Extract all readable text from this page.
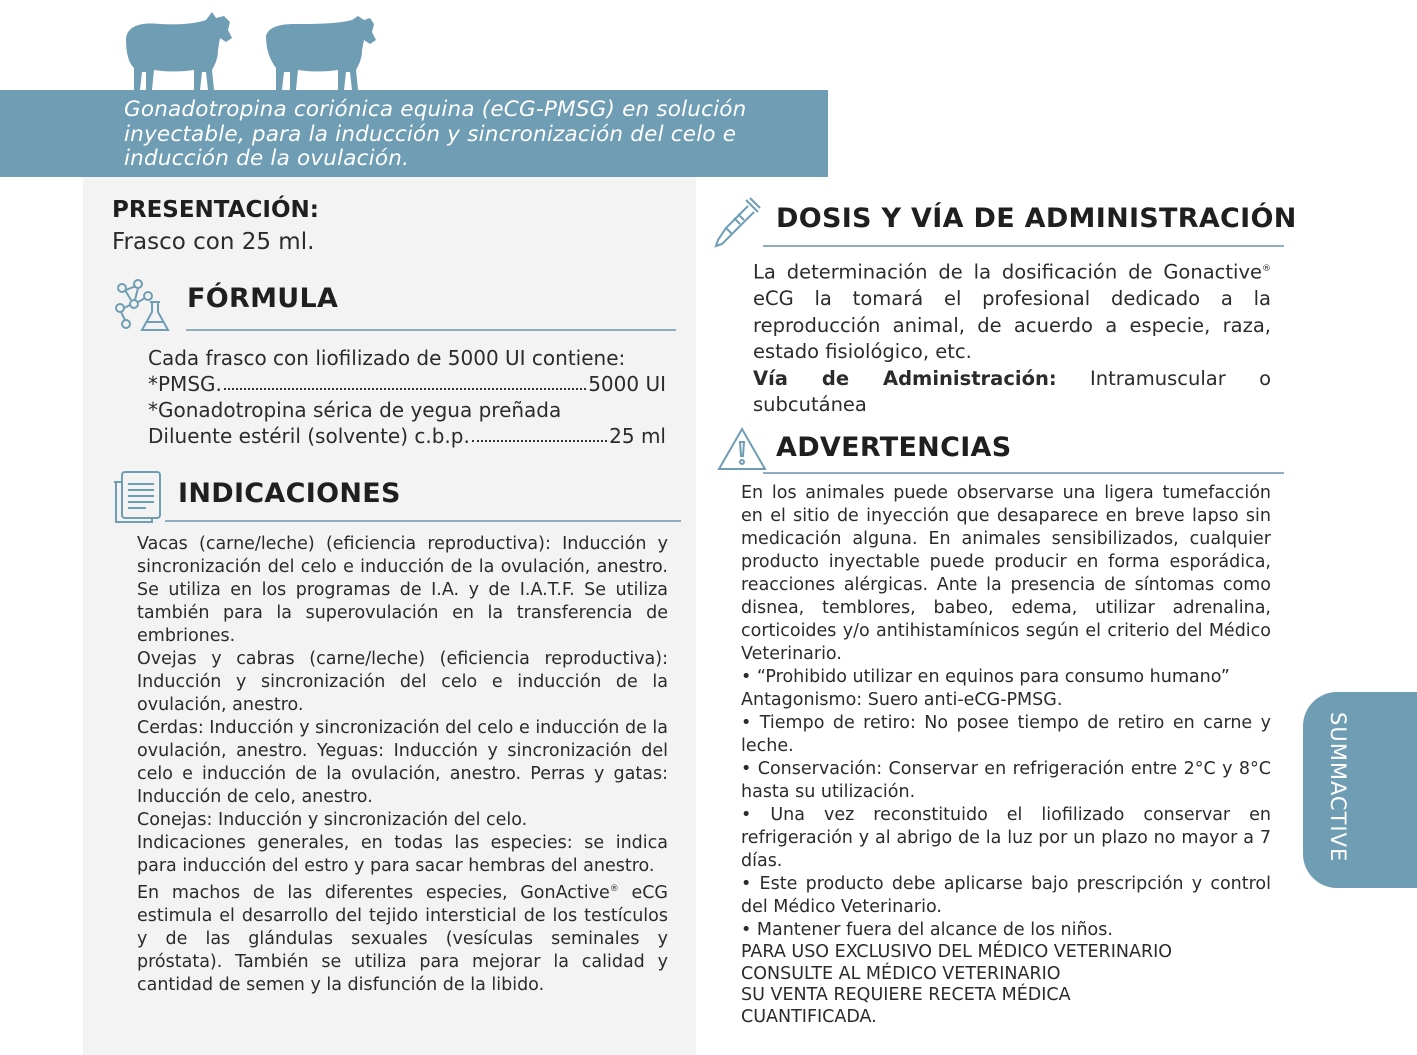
Gonadotropina coriónica equina (eCG-PMSG) en solución inyectable, para la inducción y sincronización del celo e inducción de la ovulación.
PRESENTACIÓN:
Frasco con 25 ml.
FÓRMULA
Cada frasco con liofilizado de 5000 UI contiene:
*PMSG.	5000 UI
*Gonadotropina sérica de yegua preñada
Diluente estéril (solvente) c.b.p.	25 ml
INDICACIONES

Vacas (carne/leche) (eficiencia reproductiva): Inducción y sincronización del celo e inducción de la ovulación, anestro. Se utiliza en los programas de I.A. y de I.A.T.F. Se utiliza también para la superovulación en la transferencia de embriones.

Ovejas y cabras (carne/leche) (eficiencia reproductiva): Inducción y sincronización del celo e inducción de la ovulación, anestro.

Cerdas: Inducción y sincronización del celo e inducción de la ovulación, anestro. Yeguas: Inducción y sincronización del celo e inducción de la ovulación, anestro. Perras y gatas: Inducción de celo, anestro.

Conejas: Inducción y sincronización del celo.

Indicaciones generales, en todas las especies: se indica para inducción del estro y para sacar hembras del anestro.

En machos de las diferentes especies, GonActive® eCG estimula el desarrollo del tejido intersticial de los testículos y de las glándulas sexuales (vesículas seminales y próstata). También se utiliza para mejorar la calidad y cantidad de semen y la disfunción de la libido.

DOSIS Y VÍA DE ADMINISTRACIÓN

La determinación de la dosificación de Gonactive® eCG la tomará el profesional dedicado a la reproducción animal, de acuerdo a especie, raza, estado fisiológico, etc.

Vía de Administración: Intramuscular o subcutánea

ADVERTENCIAS

En los animales puede observarse una ligera tumefacción en el sitio de inyección que desaparece en breve lapso sin medicación alguna. En animales sensibilizados, cualquier producto inyectable puede producir en forma esporádica, reacciones alérgicas. Ante la presencia de síntomas como disnea, temblores, babeo, edema, utilizar adrenalina, corticoides y/o antihistamínicos según el criterio del Médico Veterinario.

• “Prohibido utilizar en equinos para consumo humano”

Antagonismo: Suero anti-eCG-PMSG.

• Tiempo de retiro: No posee tiempo de retiro en carne y leche.

• Conservación: Conservar en refrigeración entre 2°C y 8°C hasta su utilización.

• Una vez reconstituido el liofilizado conservar en refrigeración y al abrigo de la luz por un plazo no mayor a 7 días.

• Este producto debe aplicarse bajo prescripción y control del Médico Veterinario.

• Mantener fuera del alcance de los niños.

PARA USO EXCLUSIVO DEL MÉDICO VETERINARIO

CONSULTE AL MÉDICO VETERINARIO

SU VENTA REQUIERE RECETA MÉDICA

CUANTIFICADA.

SUMMACTIVE
